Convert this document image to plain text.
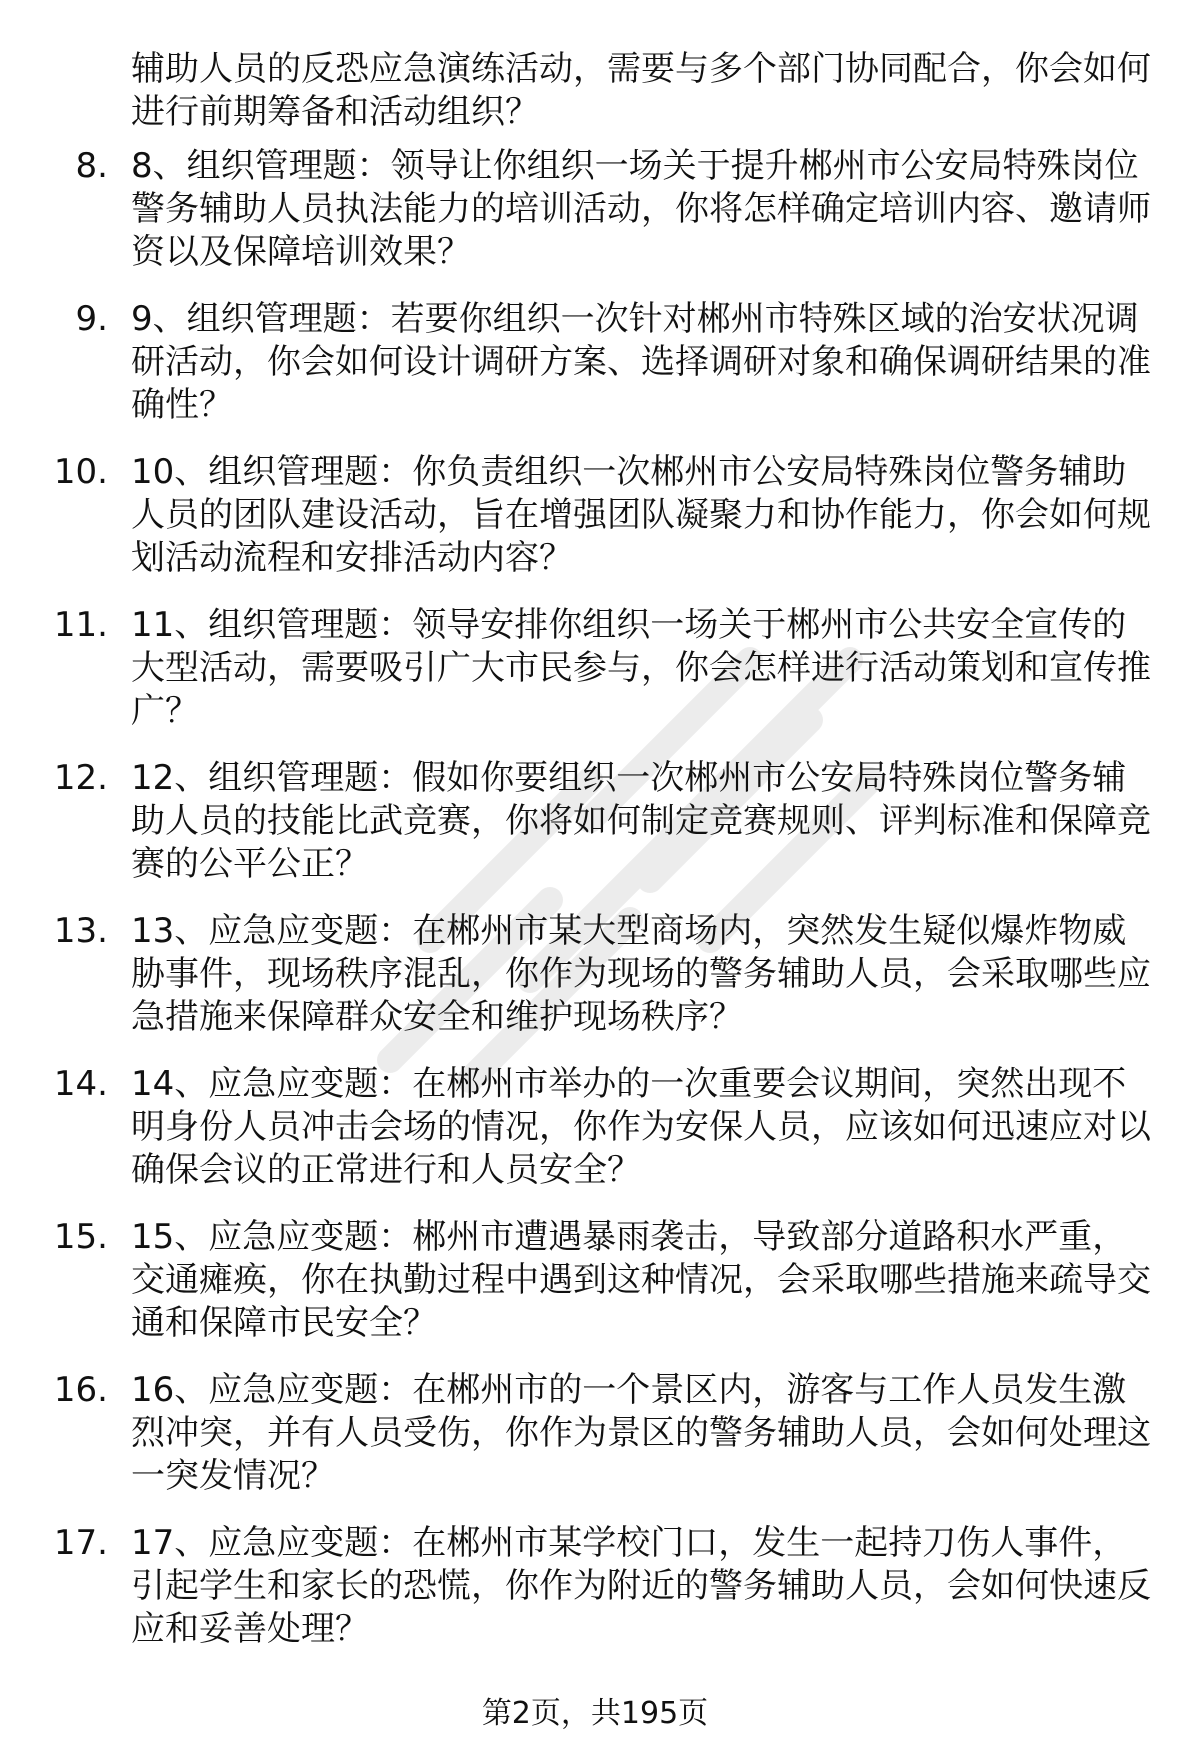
辅助人员的反恐应急演练活动，需要与多个部门协同配合，你会如何进行前期筹备和活动组织？
8. 8、组织管理题：领导让你组织一场关于提升郴州市公安局特殊岗位警务辅助人员执法能力的培训活动，你将怎样确定培训内容、邀请师资以及保障培训效果？
9. 9、组织管理题：若要你组织一次针对郴州市特殊区域的治安状况调研活动，你会如何设计调研方案、选择调研对象和确保调研结果的准确性？
10. 10、组织管理题：你负责组织一次郴州市公安局特殊岗位警务辅助人员的团队建设活动，旨在增强团队凝聚力和协作能力，你会如何规划活动流程和安排活动内容？
11. 11、组织管理题：领导安排你组织一场关于郴州市公共安全宣传的大型活动，需要吸引广大市民参与，你会怎样进行活动策划和宣传推广？
12. 12、组织管理题：假如你要组织一次郴州市公安局特殊岗位警务辅助人员的技能比武竞赛，你将如何制定竞赛规则、评判标准和保障竞赛的公平公正？
13. 13、应急应变题：在郴州市某大型商场内，突然发生疑似爆炸物威胁事件，现场秩序混乱，你作为现场的警务辅助人员，会采取哪些应急措施来保障群众安全和维护现场秩序？
14. 14、应急应变题：在郴州市举办的一次重要会议期间，突然出现不明身份人员冲击会场的情况，你作为安保人员，应该如何迅速应对以确保会议的正常进行和人员安全？
15. 15、应急应变题：郴州市遭遇暴雨袭击，导致部分道路积水严重，交通瘫痪，你在执勤过程中遇到这种情况，会采取哪些措施来疏导交通和保障市民安全？
16. 16、应急应变题：在郴州市的一个景区内，游客与工作人员发生激烈冲突，并有人员受伤，你作为景区的警务辅助人员，会如何处理这一突发情况？
17. 17、应急应变题：在郴州市某学校门口，发生一起持刀伤人事件，引起学生和家长的恐慌，你作为附近的警务辅助人员，会如何快速反应和妥善处理？
第2页，共195页
